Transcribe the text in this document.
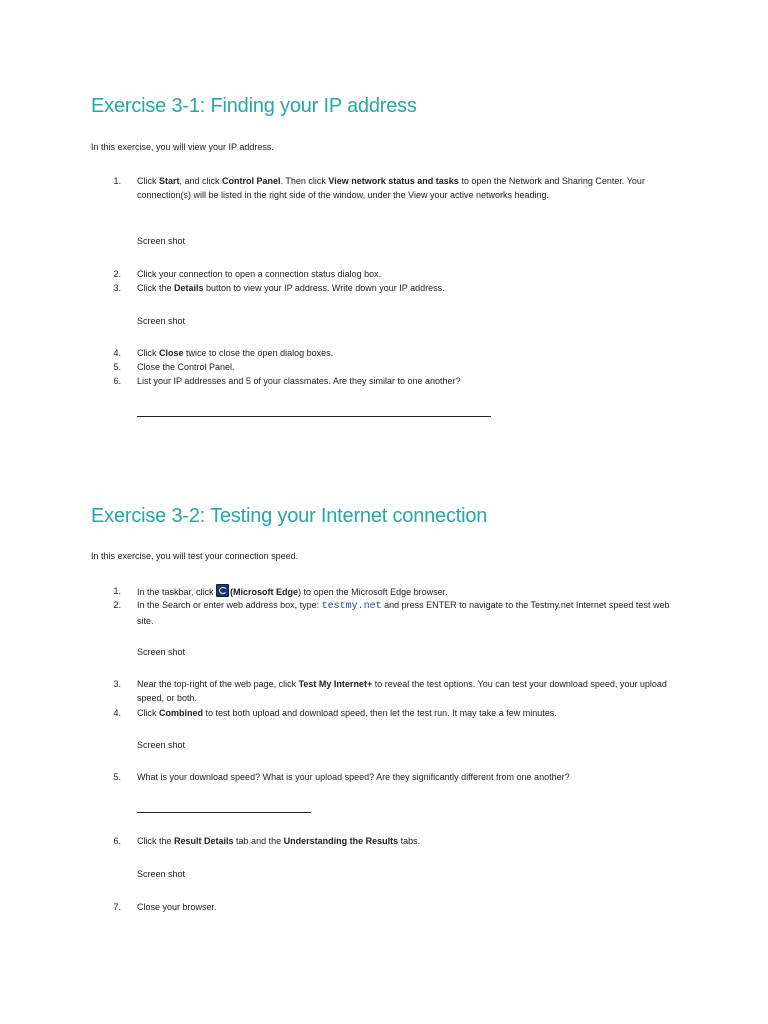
Exercise 3-1: Finding your IP address
In this exercise, you will view your IP address.
1. Click Start, and click Control Panel. Then click View network status and tasks to open the Network and Sharing Center. Your connection(s) will be listed in the right side of the window, under the View your active networks heading.
Screen shot
2. Click your connection to open a connection status dialog box.
3. Click the Details button to view your IP address. Write down your IP address.
Screen shot
4. Click Close twice to close the open dialog boxes.
5. Close the Control Panel.
6. List your IP addresses and 5 of your classmates. Are they similar to one another?
Exercise 3-2: Testing your Internet connection
In this exercise, you will test your connection speed.
1. In the taskbar, click (Microsoft Edge) to open the Microsoft Edge browser.
2. In the Search or enter web address box, type: testmy.net and press ENTER to navigate to the Testmy.net Internet speed test web site.
Screen shot
3. Near the top-right of the web page, click Test My Internet+ to reveal the test options. You can test your download speed, your upload speed, or both.
4. Click Combined to test both upload and download speed, then let the test run. It may take a few minutes.
Screen shot
5. What is your download speed? What is your upload speed? Are they significantly different from one another?
6. Click the Result Details tab and the Understanding the Results tabs.
Screen shot
7. Close your browser.
